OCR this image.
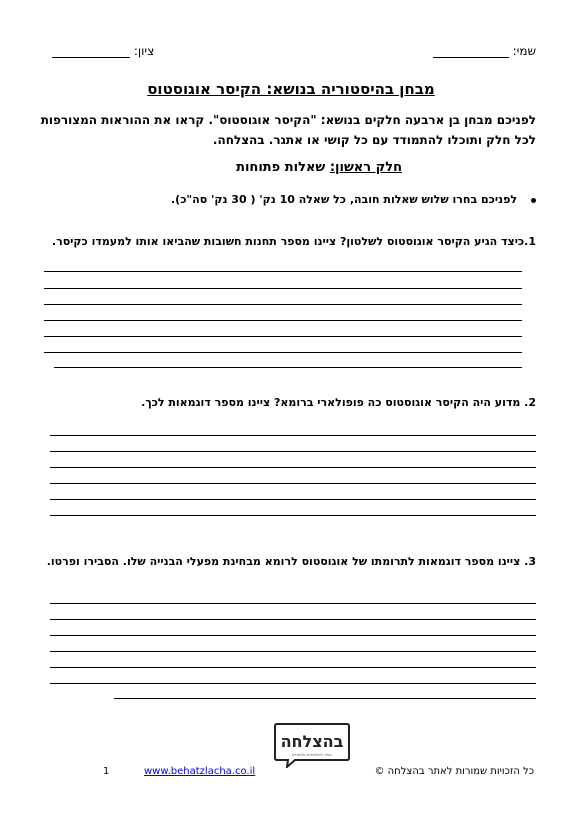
שמי:
ציון:
מבחן בהיסטוריה בנושא: הקיסר אוגוסטוס
לפניכם מבחן בן ארבעה חלקים בנושא: "הקיסר אוגוסטוס". קראו את ההוראות המצורפות לכל חלק ותוכלו להתמודד עם כל קושי או אתגר. בהצלחה.
חלק ראשון: שאלות פתוחות
לפניכם בחרו שלוש שאלות חובה, כל שאלה 10 נק' ( 30 נק' סה"כ).
1.כיצד הגיע הקיסר אוגוסטוס לשלטון? ציינו מספר תחנות חשובות שהביאו אותו למעמדו כקיסר.
2. מדוע היה הקיסר אוגוסטוס כה פופולארי ברומא? ציינו מספר דוגמאות לכך.
3. ציינו מספר דוגמאות לתרומתו של אוגוסטוס לרומא מבחינת מפעלי הבנייה שלו. הסבירו ופרטו.
בהצלחה
אתר לתלמידים ולמורים
כל הזכויות שמורות לאתר בהצלחה ©
www.behatzlacha.co.il
1
